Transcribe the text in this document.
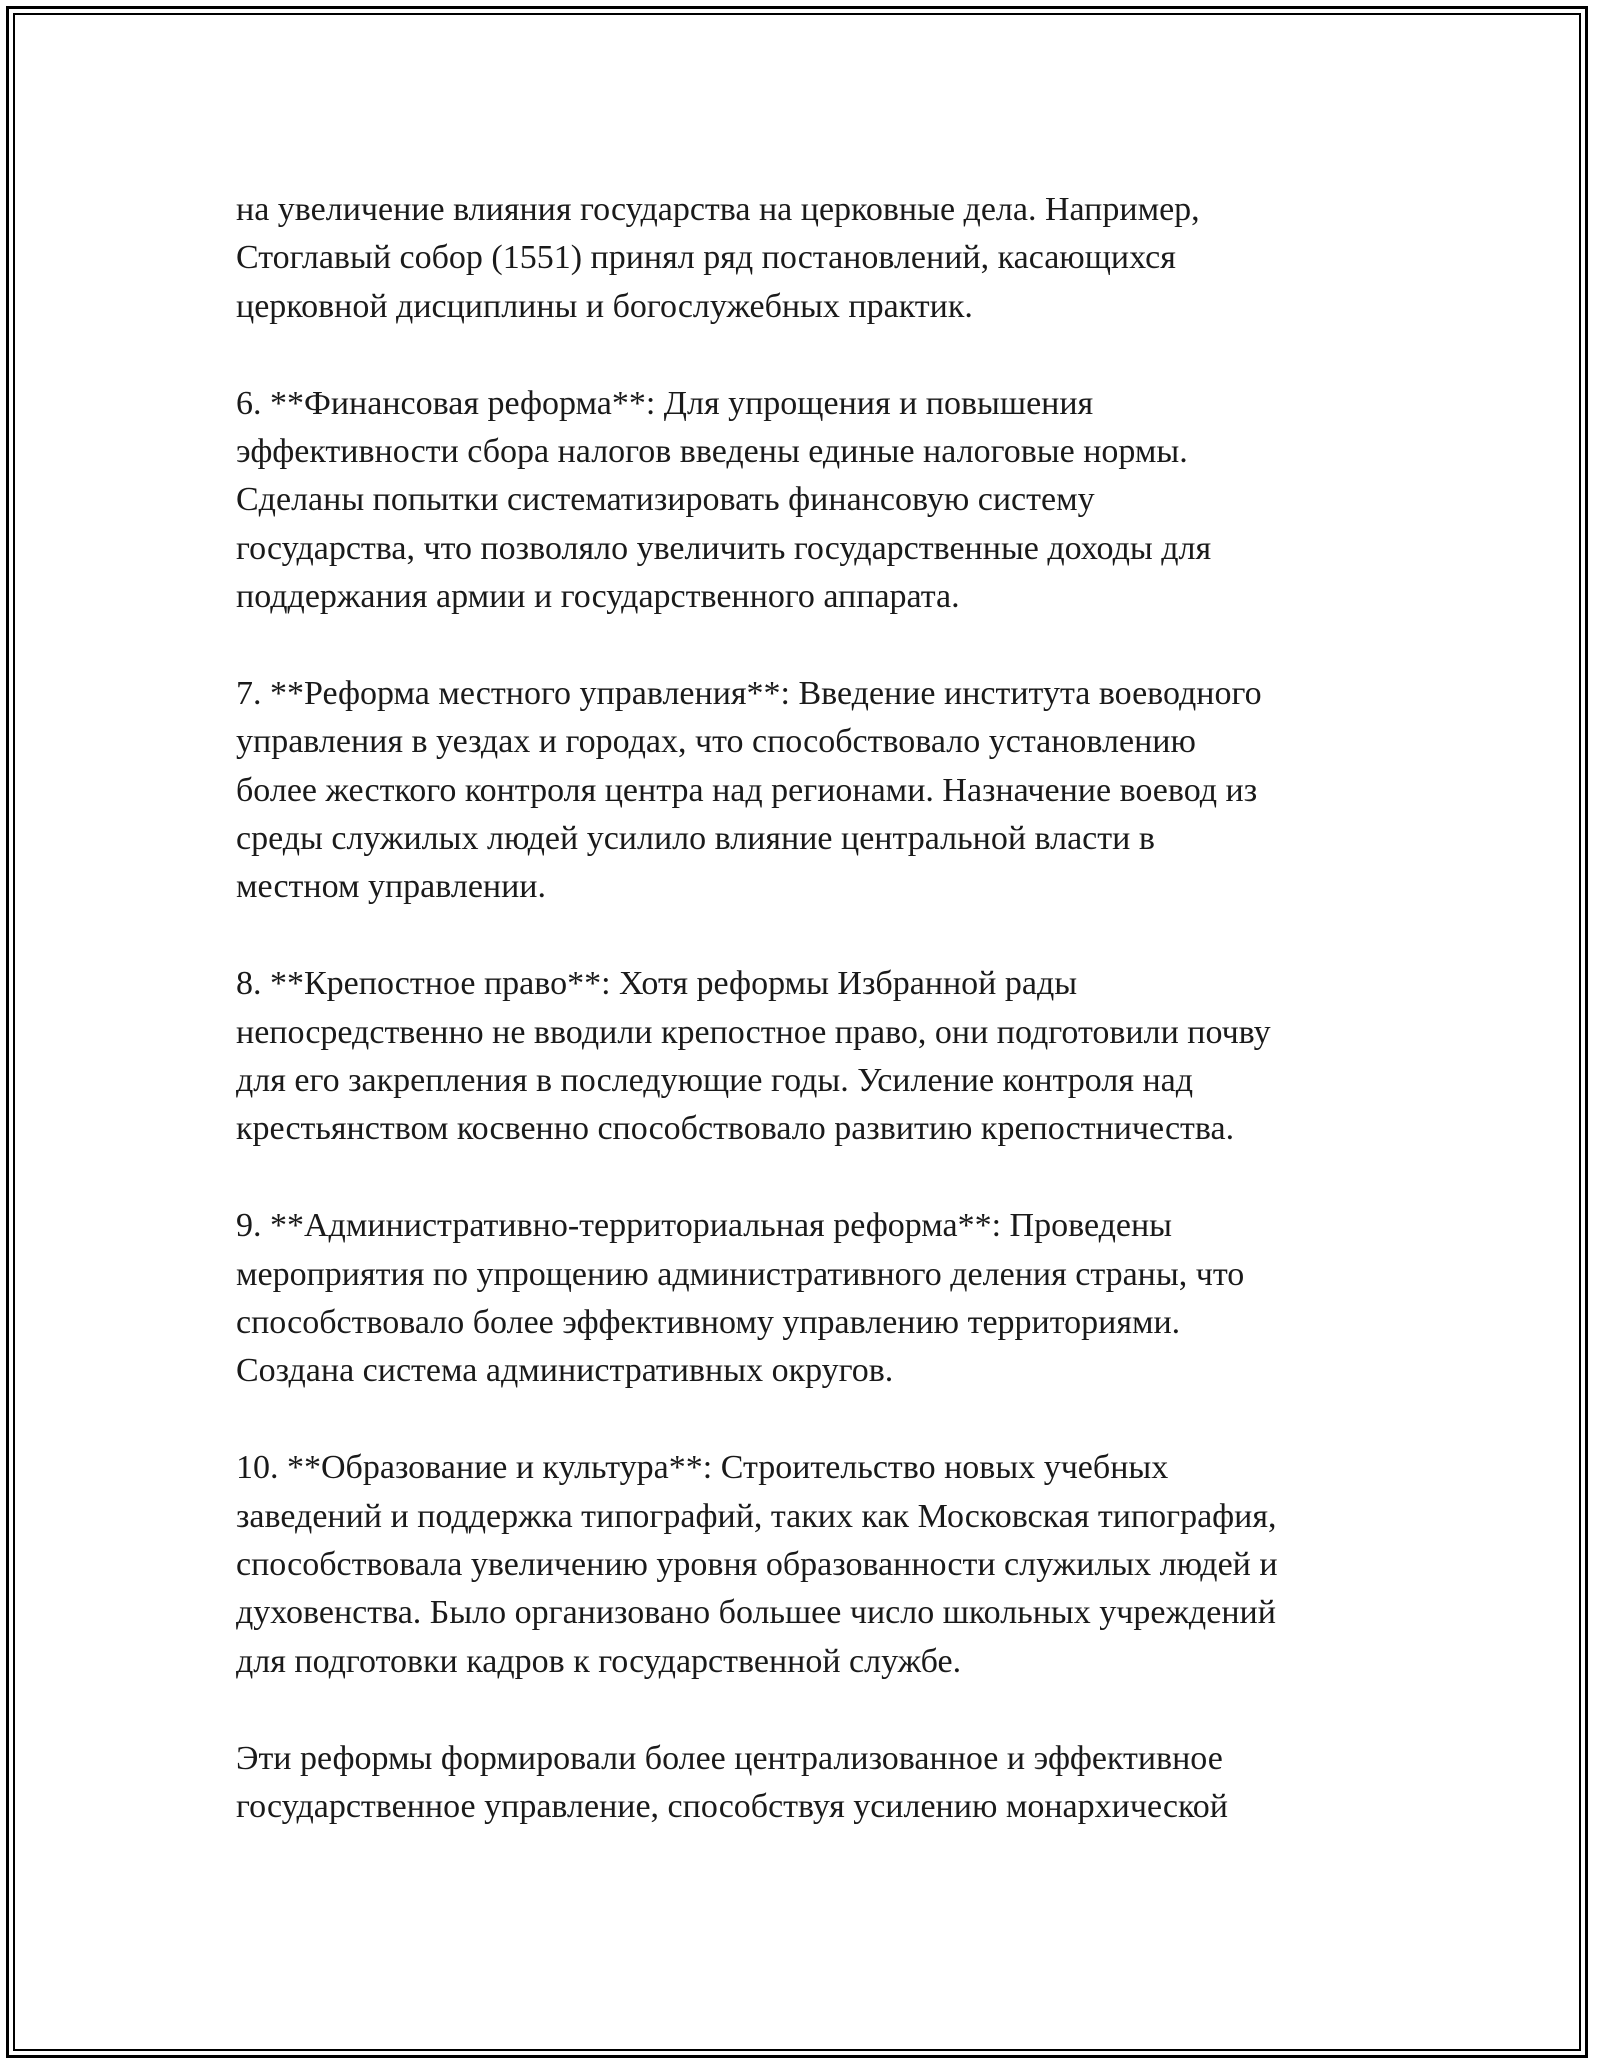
на увеличение влияния государства на церковные дела. Например,
Стоглавый собор (1551) принял ряд постановлений, касающихся
церковной дисциплины и богослужебных практик.
6. **Финансовая реформа**: Для упрощения и повышения
эффективности сбора налогов введены единые налоговые нормы.
Сделаны попытки систематизировать финансовую систему
государства, что позволяло увеличить государственные доходы для
поддержания армии и государственного аппарата.
7. **Реформа местного управления**: Введение института воеводного
управления в уездах и городах, что способствовало установлению
более жесткого контроля центра над регионами. Назначение воевод из
среды служилых людей усилило влияние центральной власти в
местном управлении.
8. **Крепостное право**: Хотя реформы Избранной рады
непосредственно не вводили крепостное право, они подготовили почву
для его закрепления в последующие годы. Усиление контроля над
крестьянством косвенно способствовало развитию крепостничества.
9. **Административно-территориальная реформа**: Проведены
мероприятия по упрощению административного деления страны, что
способствовало более эффективному управлению территориями.
Создана система административных округов.
10. **Образование и культура**: Строительство новых учебных
заведений и поддержка типографий, таких как Московская типография,
способствовала увеличению уровня образованности служилых людей и
духовенства. Было организовано большее число школьных учреждений
для подготовки кадров к государственной службе.
Эти реформы формировали более централизованное и эффективное
государственное управление, способствуя усилению монархической
